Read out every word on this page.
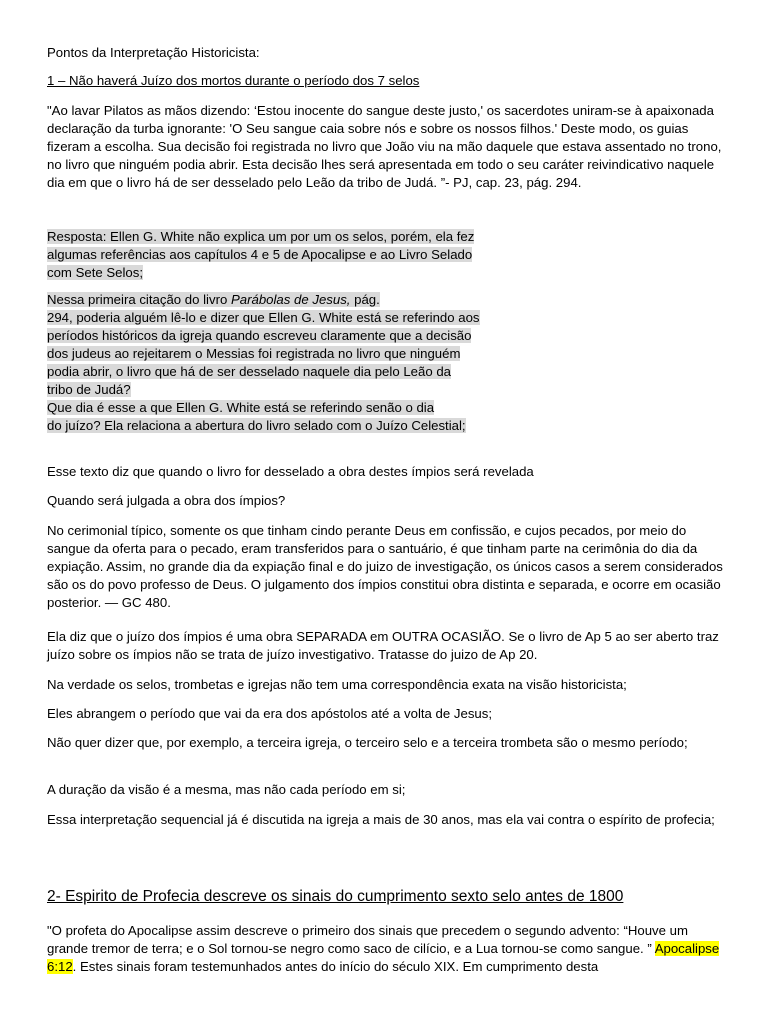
Pontos da Interpretação Historicista:

1 – Não haverá Juízo dos mortos durante o período dos 7 selos

"Ao lavar Pilatos as mãos dizendo: ‘Estou inocente do sangue deste justo,' os sacerdotes uniram-se à apaixonada declaração da turba ignorante: 'O Seu sangue caia sobre nós e sobre os nossos filhos.' Deste modo, os guias fizeram a escolha. Sua decisão foi registrada no livro que João viu na mão daquele que estava assentado no trono, no livro que ninguém podia abrir. Esta decisão lhes será apresentada em todo o seu caráter reivindicativo naquele dia em que o livro há de ser desselado pelo Leão da tribo de Judá. ”- PJ, cap. 23, pág. 294.

Resposta: Ellen G. White não explica um por um os selos, porém, ela fez
algumas referências aos capítulos 4 e 5 de Apocalipse e ao Livro Selado
com Sete Selos;
Nessa primeira citação do livro Parábolas de Jesus, pág.
294, poderia alguém lê-lo e dizer que Ellen G. White está se referindo aos
períodos históricos da igreja quando escreveu claramente que a decisão
dos judeus ao rejeitarem o Messias foi registrada no livro que ninguém
podia abrir, o livro que há de ser desselado naquele dia pelo Leão da
tribo de Judá?
Que dia é esse a que Ellen G. White está se referindo senão o dia
do juízo? Ela relaciona a abertura do livro selado com o Juízo Celestial;

Esse texto diz que quando o livro for desselado a obra destes ímpios será revelada

Quando será julgada a obra dos ímpios?

No cerimonial típico, somente os que tinham cindo perante Deus em confissão, e cujos pecados, por meio do sangue da oferta para o pecado, eram transferidos para o santuário, é que tinham parte na cerimônia do dia da expiação. Assim, no grande dia da expiação final e do juizo de investigação, os únicos casos a serem considerados são os do povo professo de Deus. O julgamento dos ímpios constitui obra distinta e separada, e ocorre em ocasião posterior. — GC 480.

Ela diz que o juízo dos ímpios é uma obra SEPARADA em OUTRA OCASIÃO. Se o livro de Ap 5 ao ser aberto traz juízo sobre os ímpios não se trata de juízo investigativo. Tratasse do juizo de Ap 20.

Na verdade os selos, trombetas e igrejas não tem uma correspondência exata na visão historicista;

Eles abrangem o período que vai da era dos apóstolos até a volta de Jesus;

Não quer dizer que, por exemplo, a terceira igreja, o terceiro selo e a terceira trombeta são o mesmo período;

A duração da visão é a mesma, mas não cada período em si;

Essa interpretação sequencial já é discutida na igreja a mais de 30 anos, mas ela vai contra o espírito de profecia;

2- Espirito de Profecia descreve os sinais do cumprimento sexto selo antes de 1800

"O profeta do Apocalipse assim descreve o primeiro dos sinais que precedem o segundo advento: “Houve um grande tremor de terra; e o Sol tornou-se negro como saco de cilício, e a Lua tornou-se como sangue. ” Apocalipse 6:12. Estes sinais foram testemunhados antes do início do século XIX. Em cumprimento desta
